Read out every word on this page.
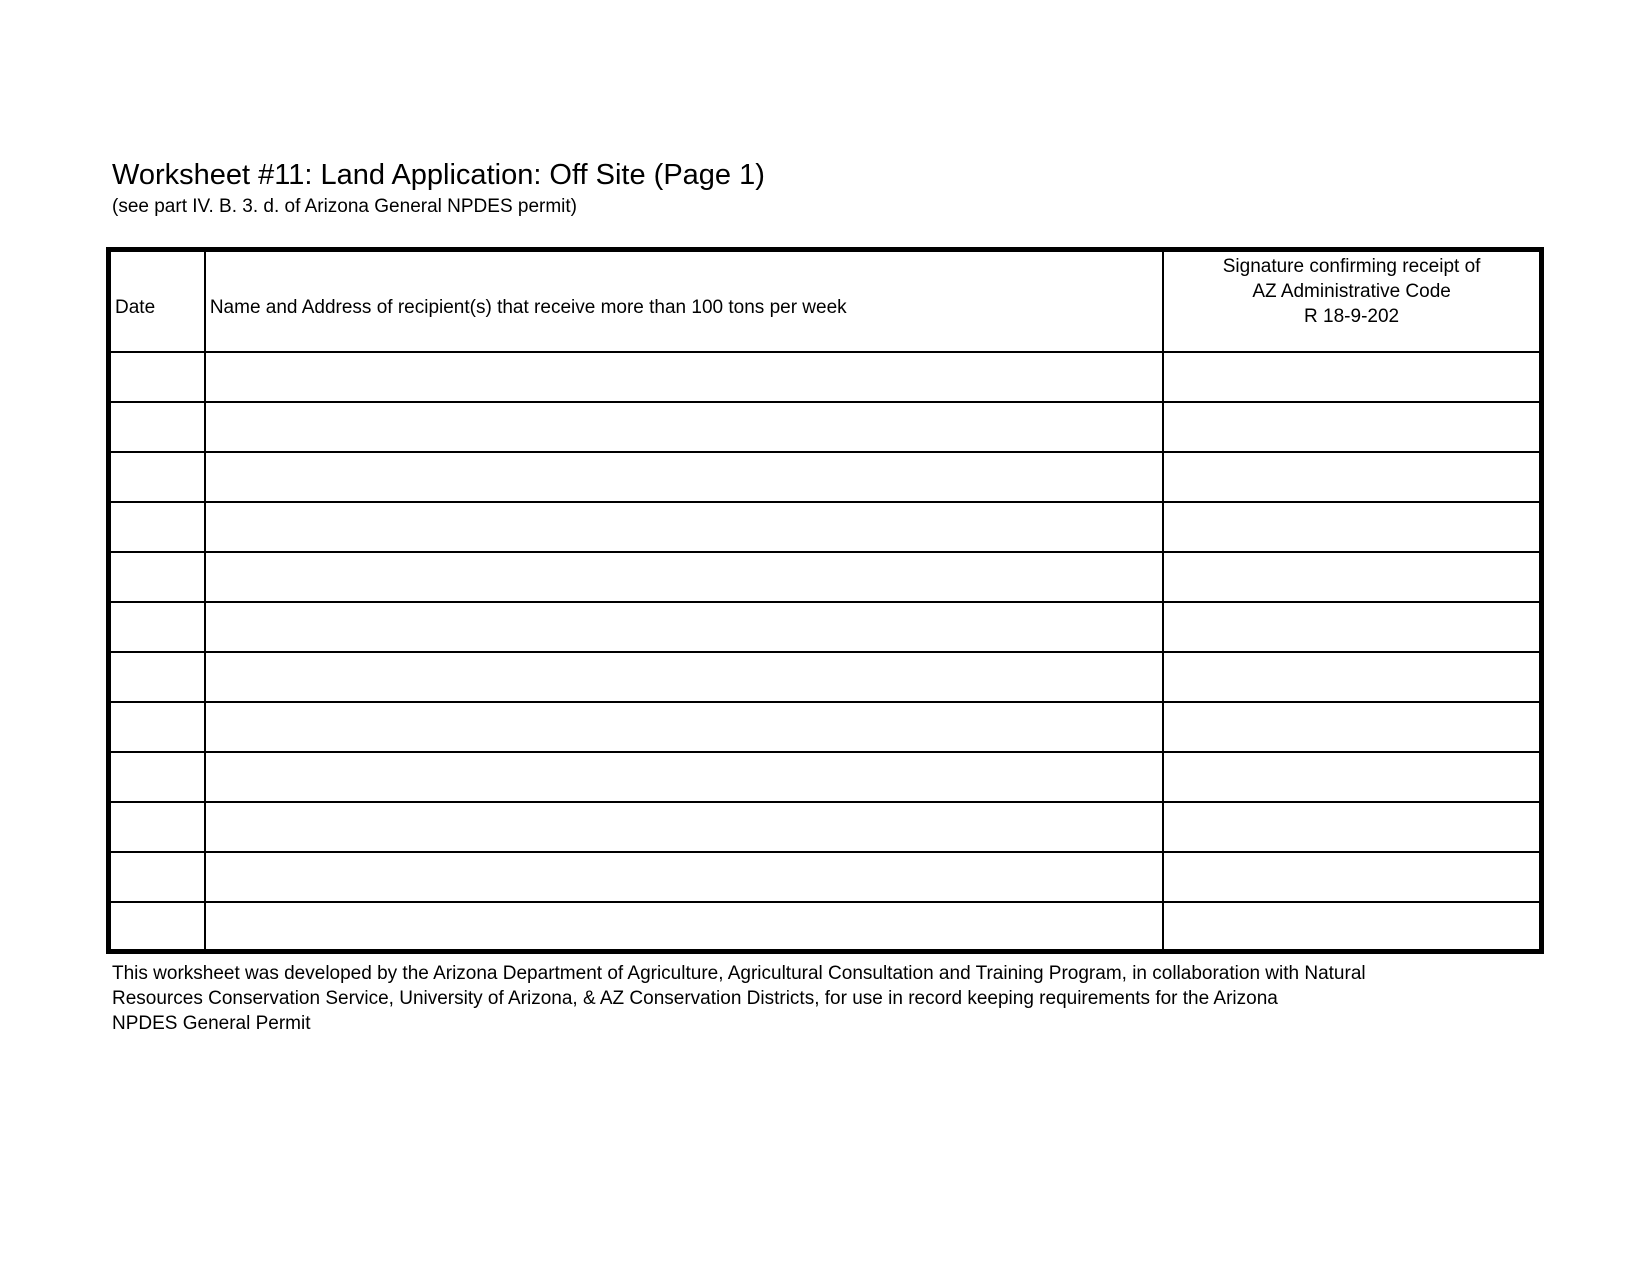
Worksheet #11: Land Application: Off Site (Page 1)
(see part IV. B. 3. d. of Arizona General NPDES permit)
Date	Name and Address of recipient(s) that receive more than 100 tons per week	Signature confirming receipt of
AZ Administrative Code
R 18-9-202

This worksheet was developed by the Arizona Department of Agriculture, Agricultural Consultation and Training Program, in collaboration with Natural
Resources Conservation Service, University of Arizona, & AZ Conservation Districts, for use in record keeping requirements for the Arizona
NPDES General Permit
